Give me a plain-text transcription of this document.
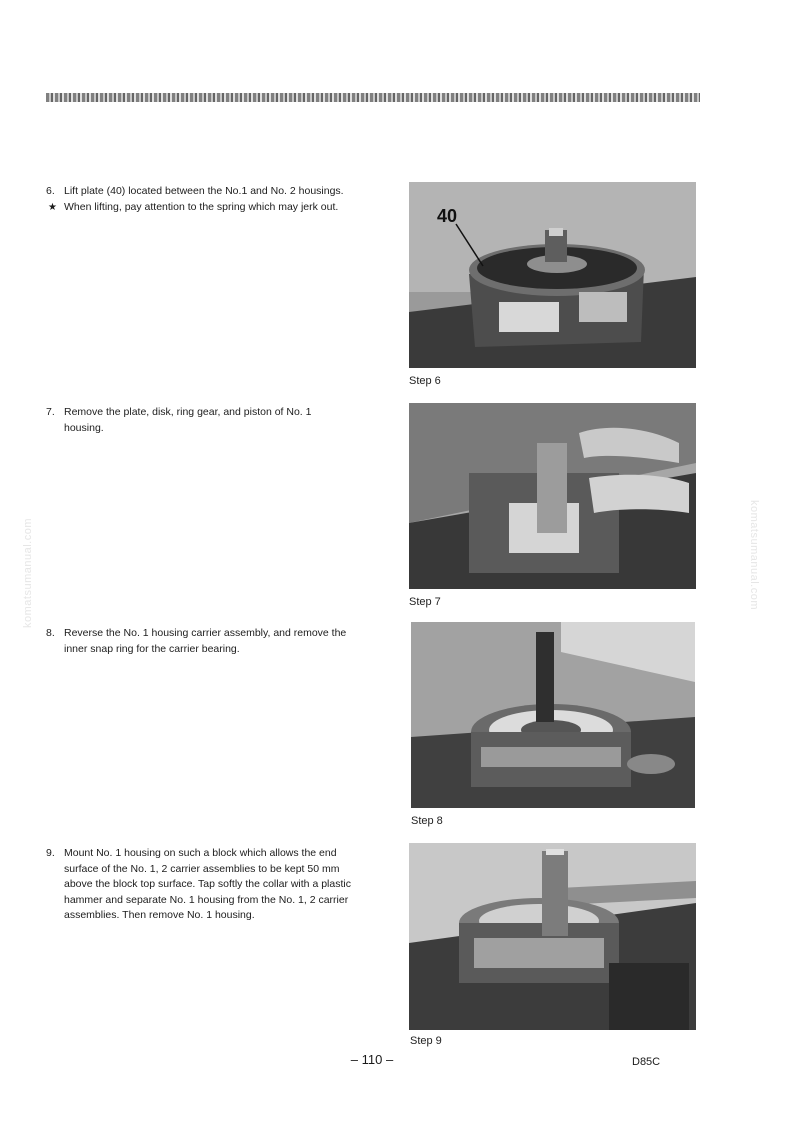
komatsumanual.com	komatsumanual.com

6. Lift plate (40) located between the No.1 and No. 2 housings.

★ When lifting, pay attention to the spring which may jerk out.	40
Step 6

7. Remove the plate, disk, ring gear, and piston of No. 1 housing.

Step 7

8. Reverse the No. 1 housing carrier assembly, and remove the inner snap ring for the carrier bearing.

Step 8

9. Mount No. 1 housing on such a block which allows the end surface of the No. 1, 2 carrier assemblies to be kept 50 mm above the block top surface. Tap softly the collar with a plastic hammer and separate No. 1 housing from the No. 1, 2 carrier assemblies. Then remove No. 1 housing.

Step 9
– 110 –	D85C
